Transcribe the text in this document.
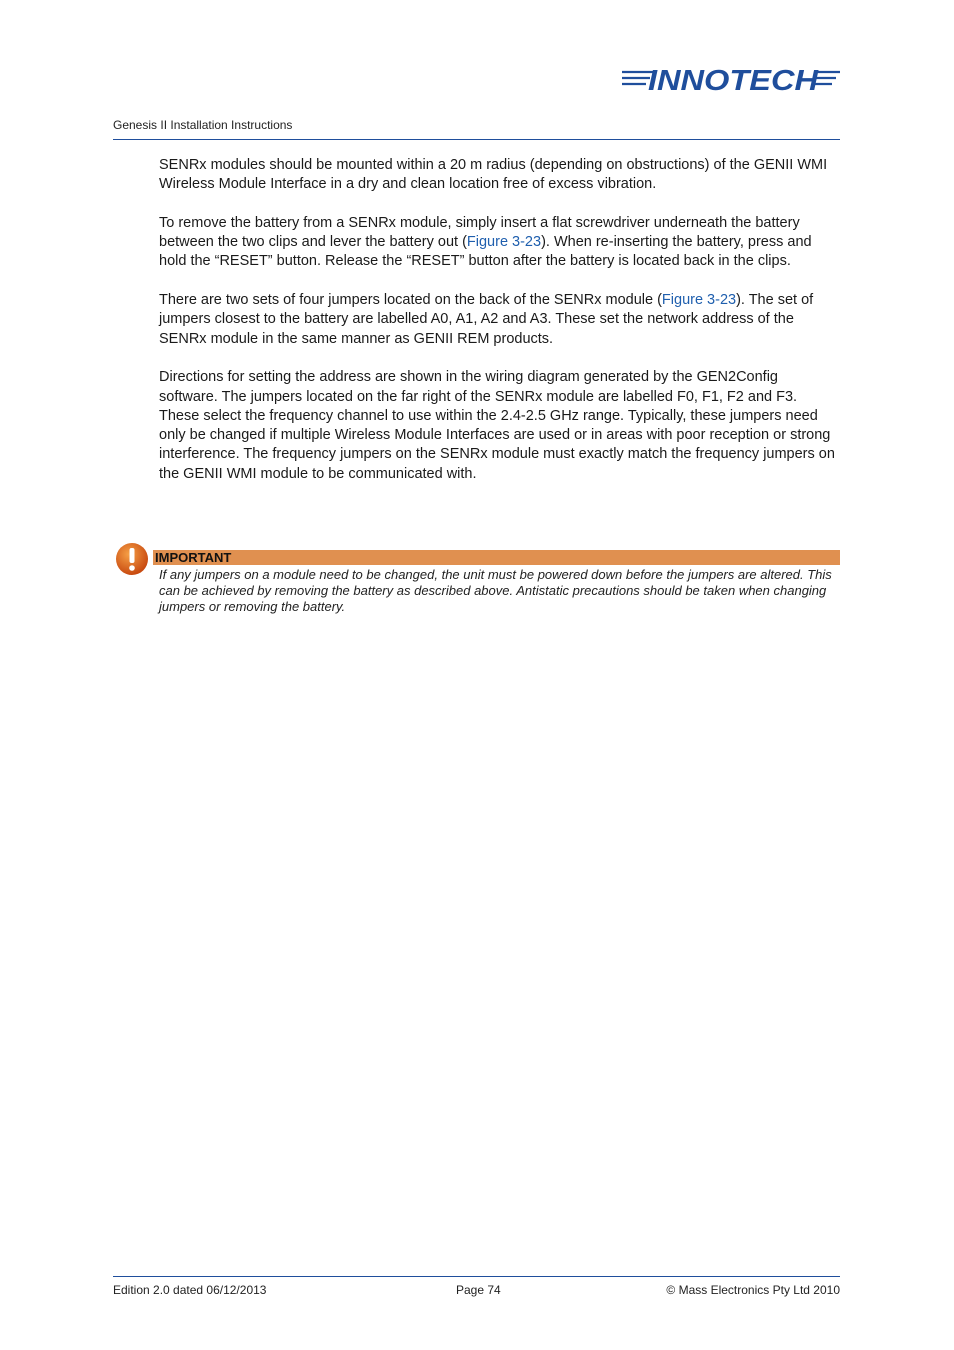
INNOTECH
Genesis II Installation Instructions

SENRx modules should be mounted within a 20 m radius (depending on obstructions) of the GENII WMI Wireless Module Interface in a dry and clean location free of excess vibration.

To remove the battery from a SENRx module, simply insert a flat screwdriver underneath the battery between the two clips and lever the battery out (Figure 3-23). When re-inserting the battery, press and hold the “RESET” button. Release the “RESET” button after the battery is located back in the clips.

There are two sets of four jumpers located on the back of the SENRx module (Figure 3-23). The set of jumpers closest to the battery are labelled A0, A1, A2 and A3. These set the network address of the SENRx module in the same manner as GENII REM products.

Directions for setting the address are shown in the wiring diagram generated by the GEN2Config software. The jumpers located on the far right of the SENRx module are labelled F0, F1, F2 and F3. These select the frequency channel to use within the 2.4-2.5 GHz range. Typically, these jumpers need only be changed if multiple Wireless Module Interfaces are used or in areas with poor reception or strong interference. The frequency jumpers on the SENRx module must exactly match the frequency jumpers on the GENII WMI module to be communicated with.

IMPORTANT
If any jumpers on a module need to be changed, the unit must be powered down before the jumpers are altered. This can be achieved by removing the battery as described above. Antistatic precautions should be taken when changing jumpers or removing the battery.
Edition 2.0 dated 06/12/2013	Page 74	© Mass Electronics Pty Ltd 2010
